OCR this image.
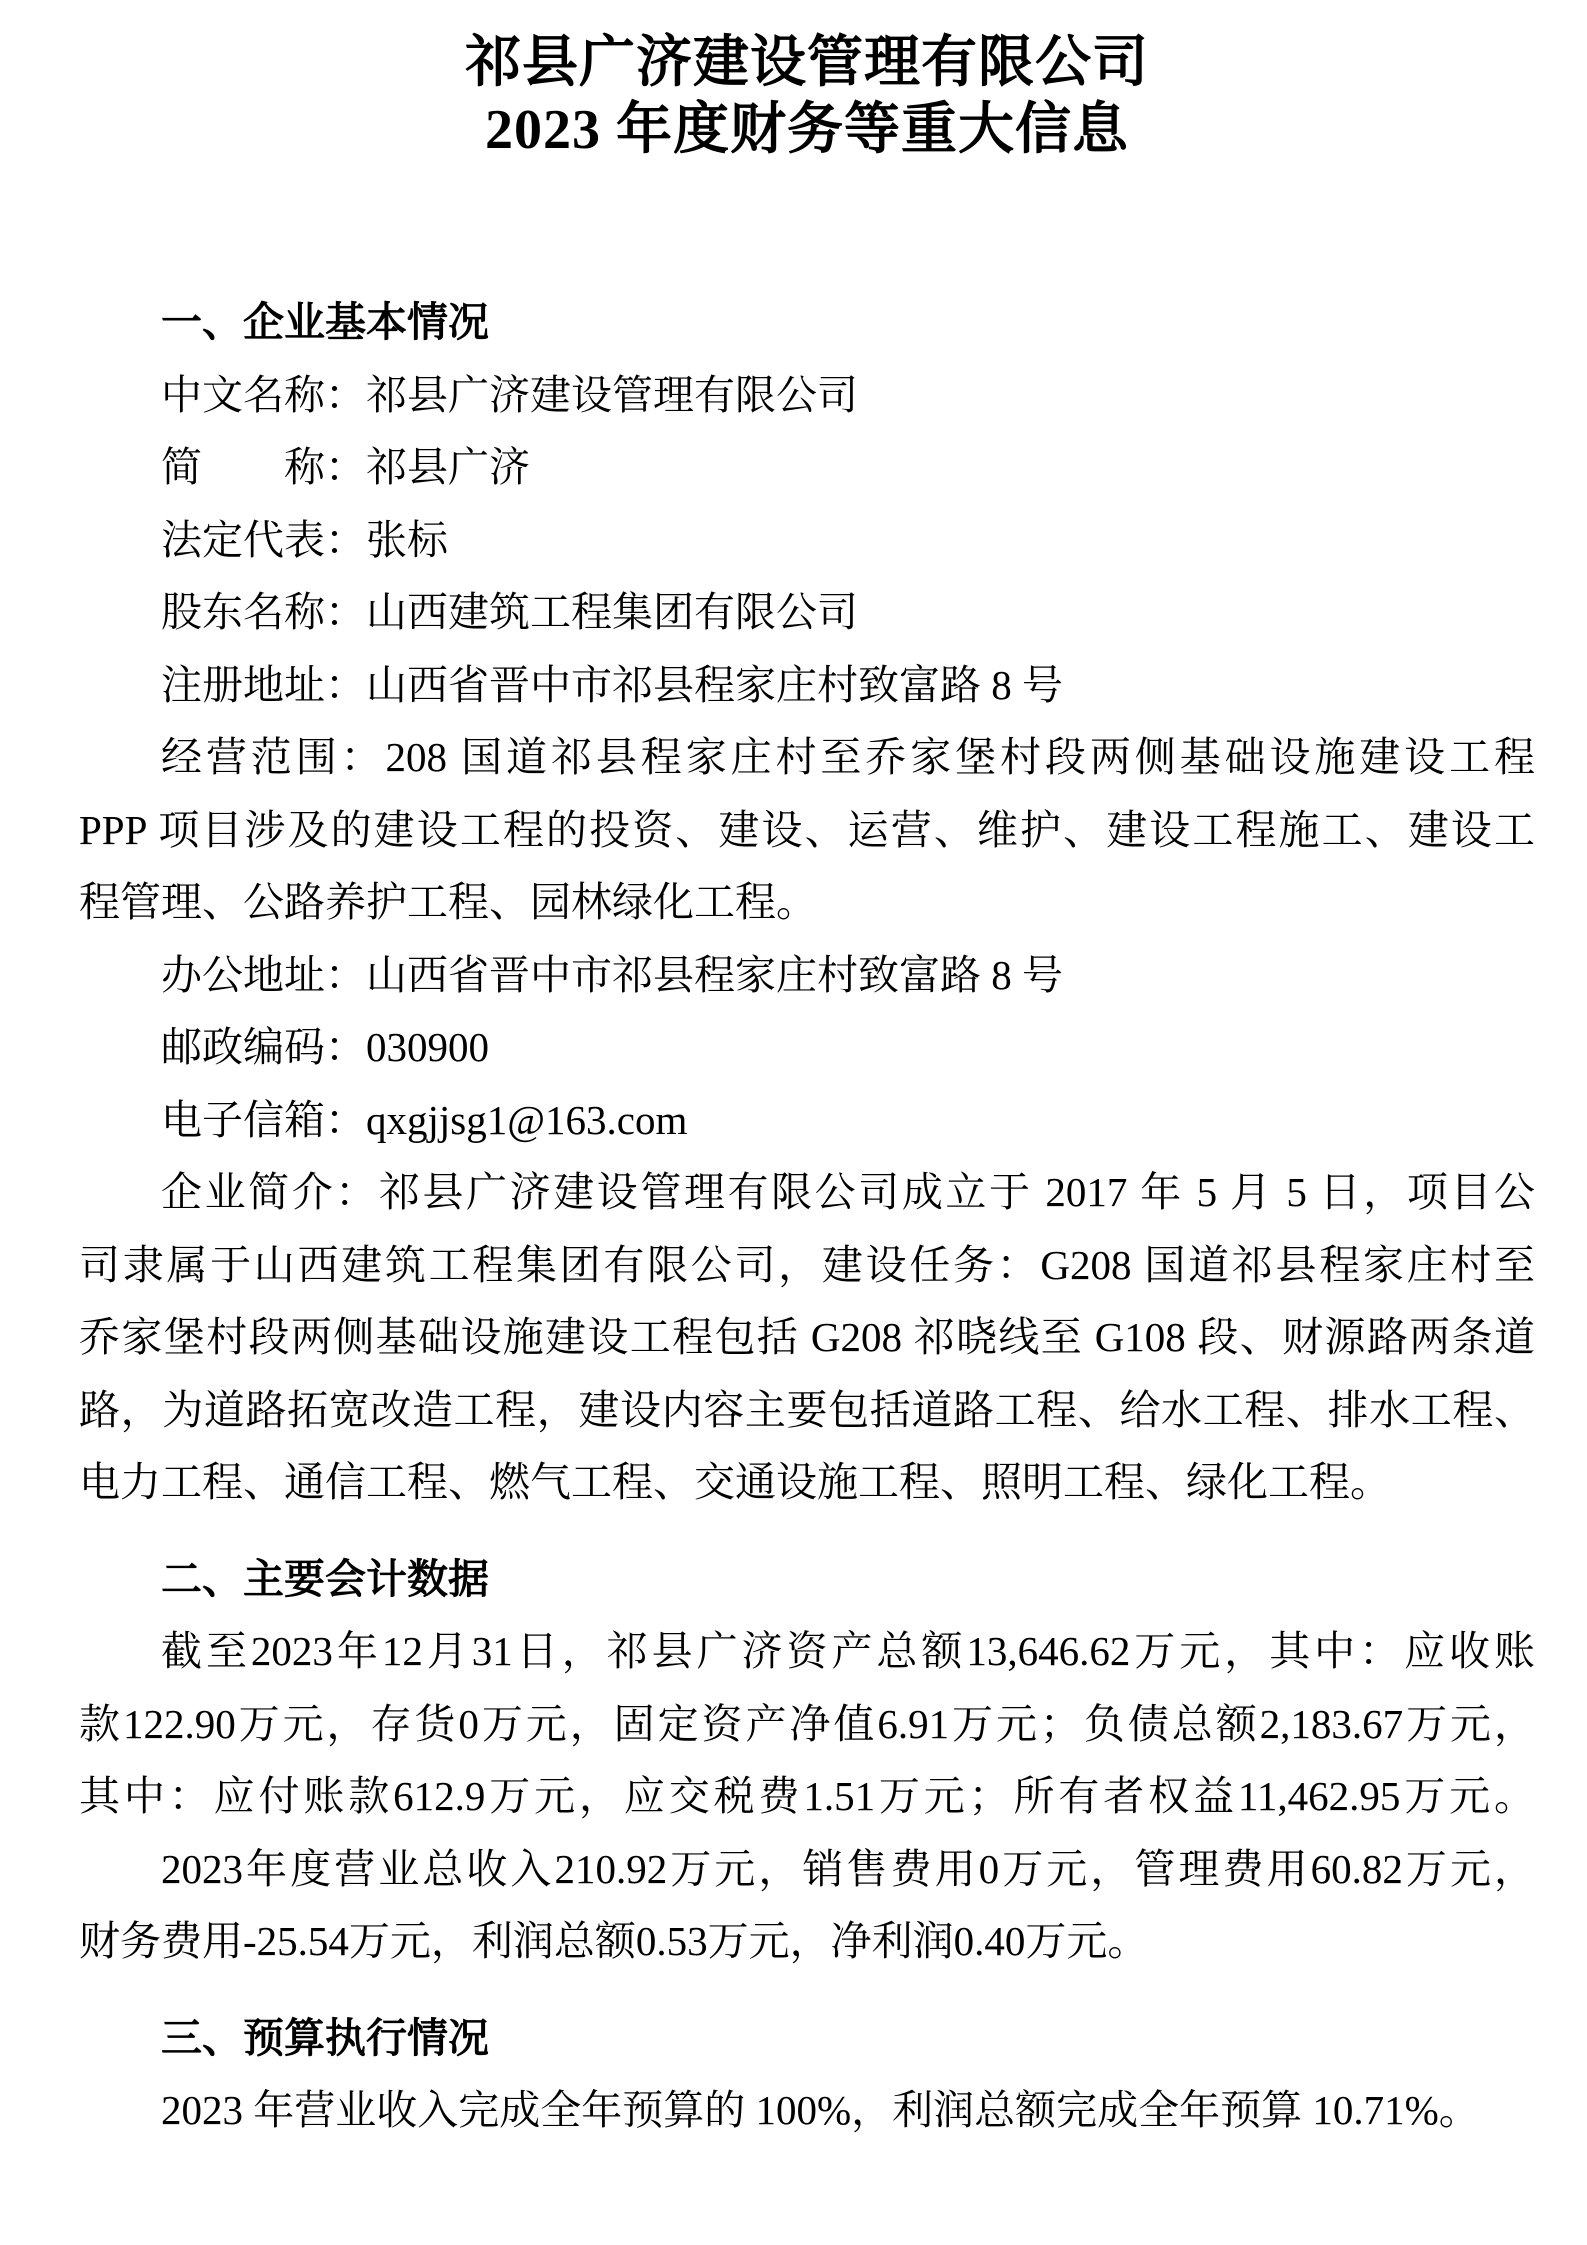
祁县广济建设管理有限公司
2023 年度财务等重大信息
一、企业基本情况
中文名称：祁县广济建设管理有限公司
简　　称：祁县广济
法定代表：张标
股东名称：山西建筑工程集团有限公司
注册地址：山西省晋中市祁县程家庄村致富路 8 号
经营范围：208 国道祁县程家庄村至乔家堡村段两侧基础设施建设工程
PPP 项目涉及的建设工程的投资、建设、运营、维护、建设工程施工、建设工
程管理、公路养护工程、园林绿化工程。
办公地址：山西省晋中市祁县程家庄村致富路 8 号
邮政编码：030900
电子信箱：qxgjjsg1@163.com
企业简介：祁县广济建设管理有限公司成立于 2017 年 5 月 5 日，项目公
司隶属于山西建筑工程集团有限公司，建设任务：G208 国道祁县程家庄村至
乔家堡村段两侧基础设施建设工程包括 G208 祁晓线至 G108 段、财源路两条道
路，为道路拓宽改造工程，建设内容主要包括道路工程、给水工程、排水工程、
电力工程、通信工程、燃气工程、交通设施工程、照明工程、绿化工程。
二、主要会计数据
截至2023年12月31日，祁县广济资产总额13,646.62万元，其中：应收账
款122.90万元，存货0万元，固定资产净值6.91万元；负债总额2,183.67万元，
其中：应付账款612.9万元，应交税费1.51万元；所有者权益11,462.95万元。
2023年度营业总收入210.92万元，销售费用0万元，管理费用60.82万元，
财务费用-25.54万元，利润总额0.53万元，净利润0.40万元。
三、预算执行情况
2023 年营业收入完成全年预算的 100%，利润总额完成全年预算 10.71%。
